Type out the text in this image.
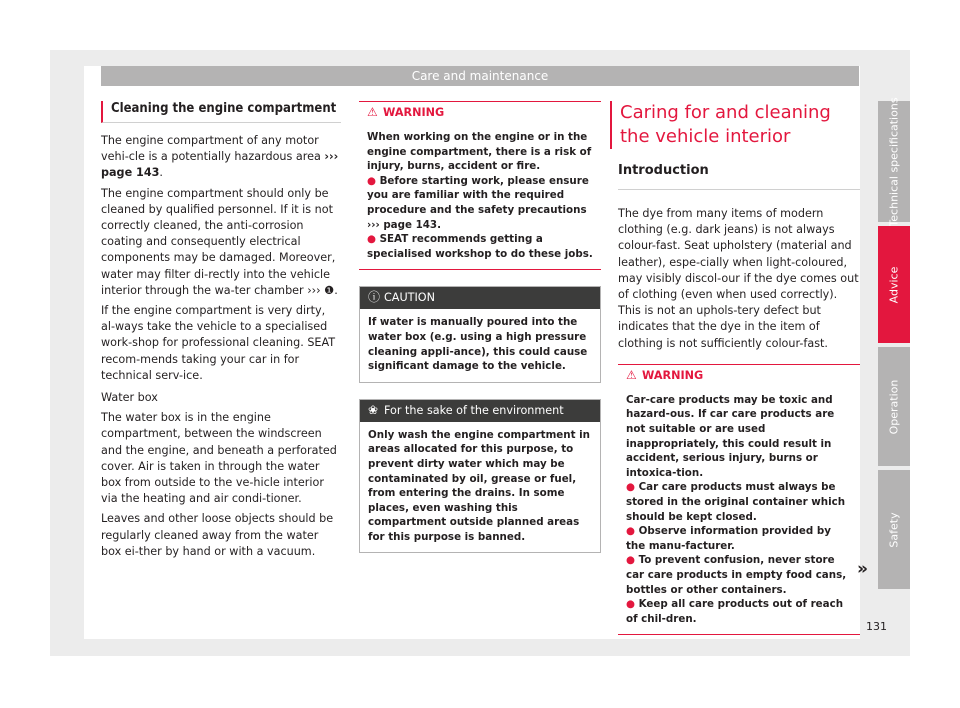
Care and maintenance
Cleaning the engine compartment

The engine compartment of any motor vehi-cle is a potentially hazardous area ››› page 143.

The engine compartment should only be cleaned by qualified personnel. If it is not correctly cleaned, the anti-corrosion coating and consequently electrical components may be damaged. Moreover, water may filter di-rectly into the vehicle interior through the wa-ter chamber ››› ❶.

If the engine compartment is very dirty, al-ways take the vehicle to a specialised work-shop for professional cleaning. SEAT recom-mends taking your car in for technical serv-ice.

Water box

The water box is in the engine compartment, between the windscreen and the engine, and beneath a perforated cover. Air is taken in through the water box from outside to the ve-hicle interior via the heating and air condi-tioner.

Leaves and other loose objects should be regularly cleaned away from the water box ei-ther by hand or with a vacuum.

⚠ WARNING
When working on the engine or in the engine compartment, there is a risk of injury, burns, accident or fire.
● Before starting work, please ensure you are familiar with the required procedure and the safety precautions ››› page 143.
● SEAT recommends getting a specialised workshop to do these jobs.
ⓘ CAUTION
If water is manually poured into the water box (e.g. using a high pressure cleaning appli-ance), this could cause significant damage to the vehicle.
❀ For the sake of the environment
Only wash the engine compartment in areas allocated for this purpose, to prevent dirty water which may be contaminated by oil, grease or fuel, from entering the drains. In some places, even washing this compartment outside planned areas for this purpose is banned.
Caring for and cleaning the vehicle interior
Introduction

The dye from many items of modern clothing (e.g. dark jeans) is not always colour-fast. Seat upholstery (material and leather), espe-cially when light-coloured, may visibly discol-our if the dye comes out of clothing (even when used correctly). This is not an uphols-tery defect but indicates that the dye in the item of clothing is not sufficiently colour-fast.

⚠ WARNING
Car-care products may be toxic and hazard-ous. If car care products are not suitable or are used inappropriately, this could result in accident, serious injury, burns or intoxica-tion.
● Car care products must always be stored in the original container which should be kept closed.
● Observe information provided by the manu-facturer.
● To prevent confusion, never store car care products in empty food cans, bottles or other containers.
● Keep all care products out of reach of chil-dren.
»
Technical specifications
Advice
Operation
Safety
131
